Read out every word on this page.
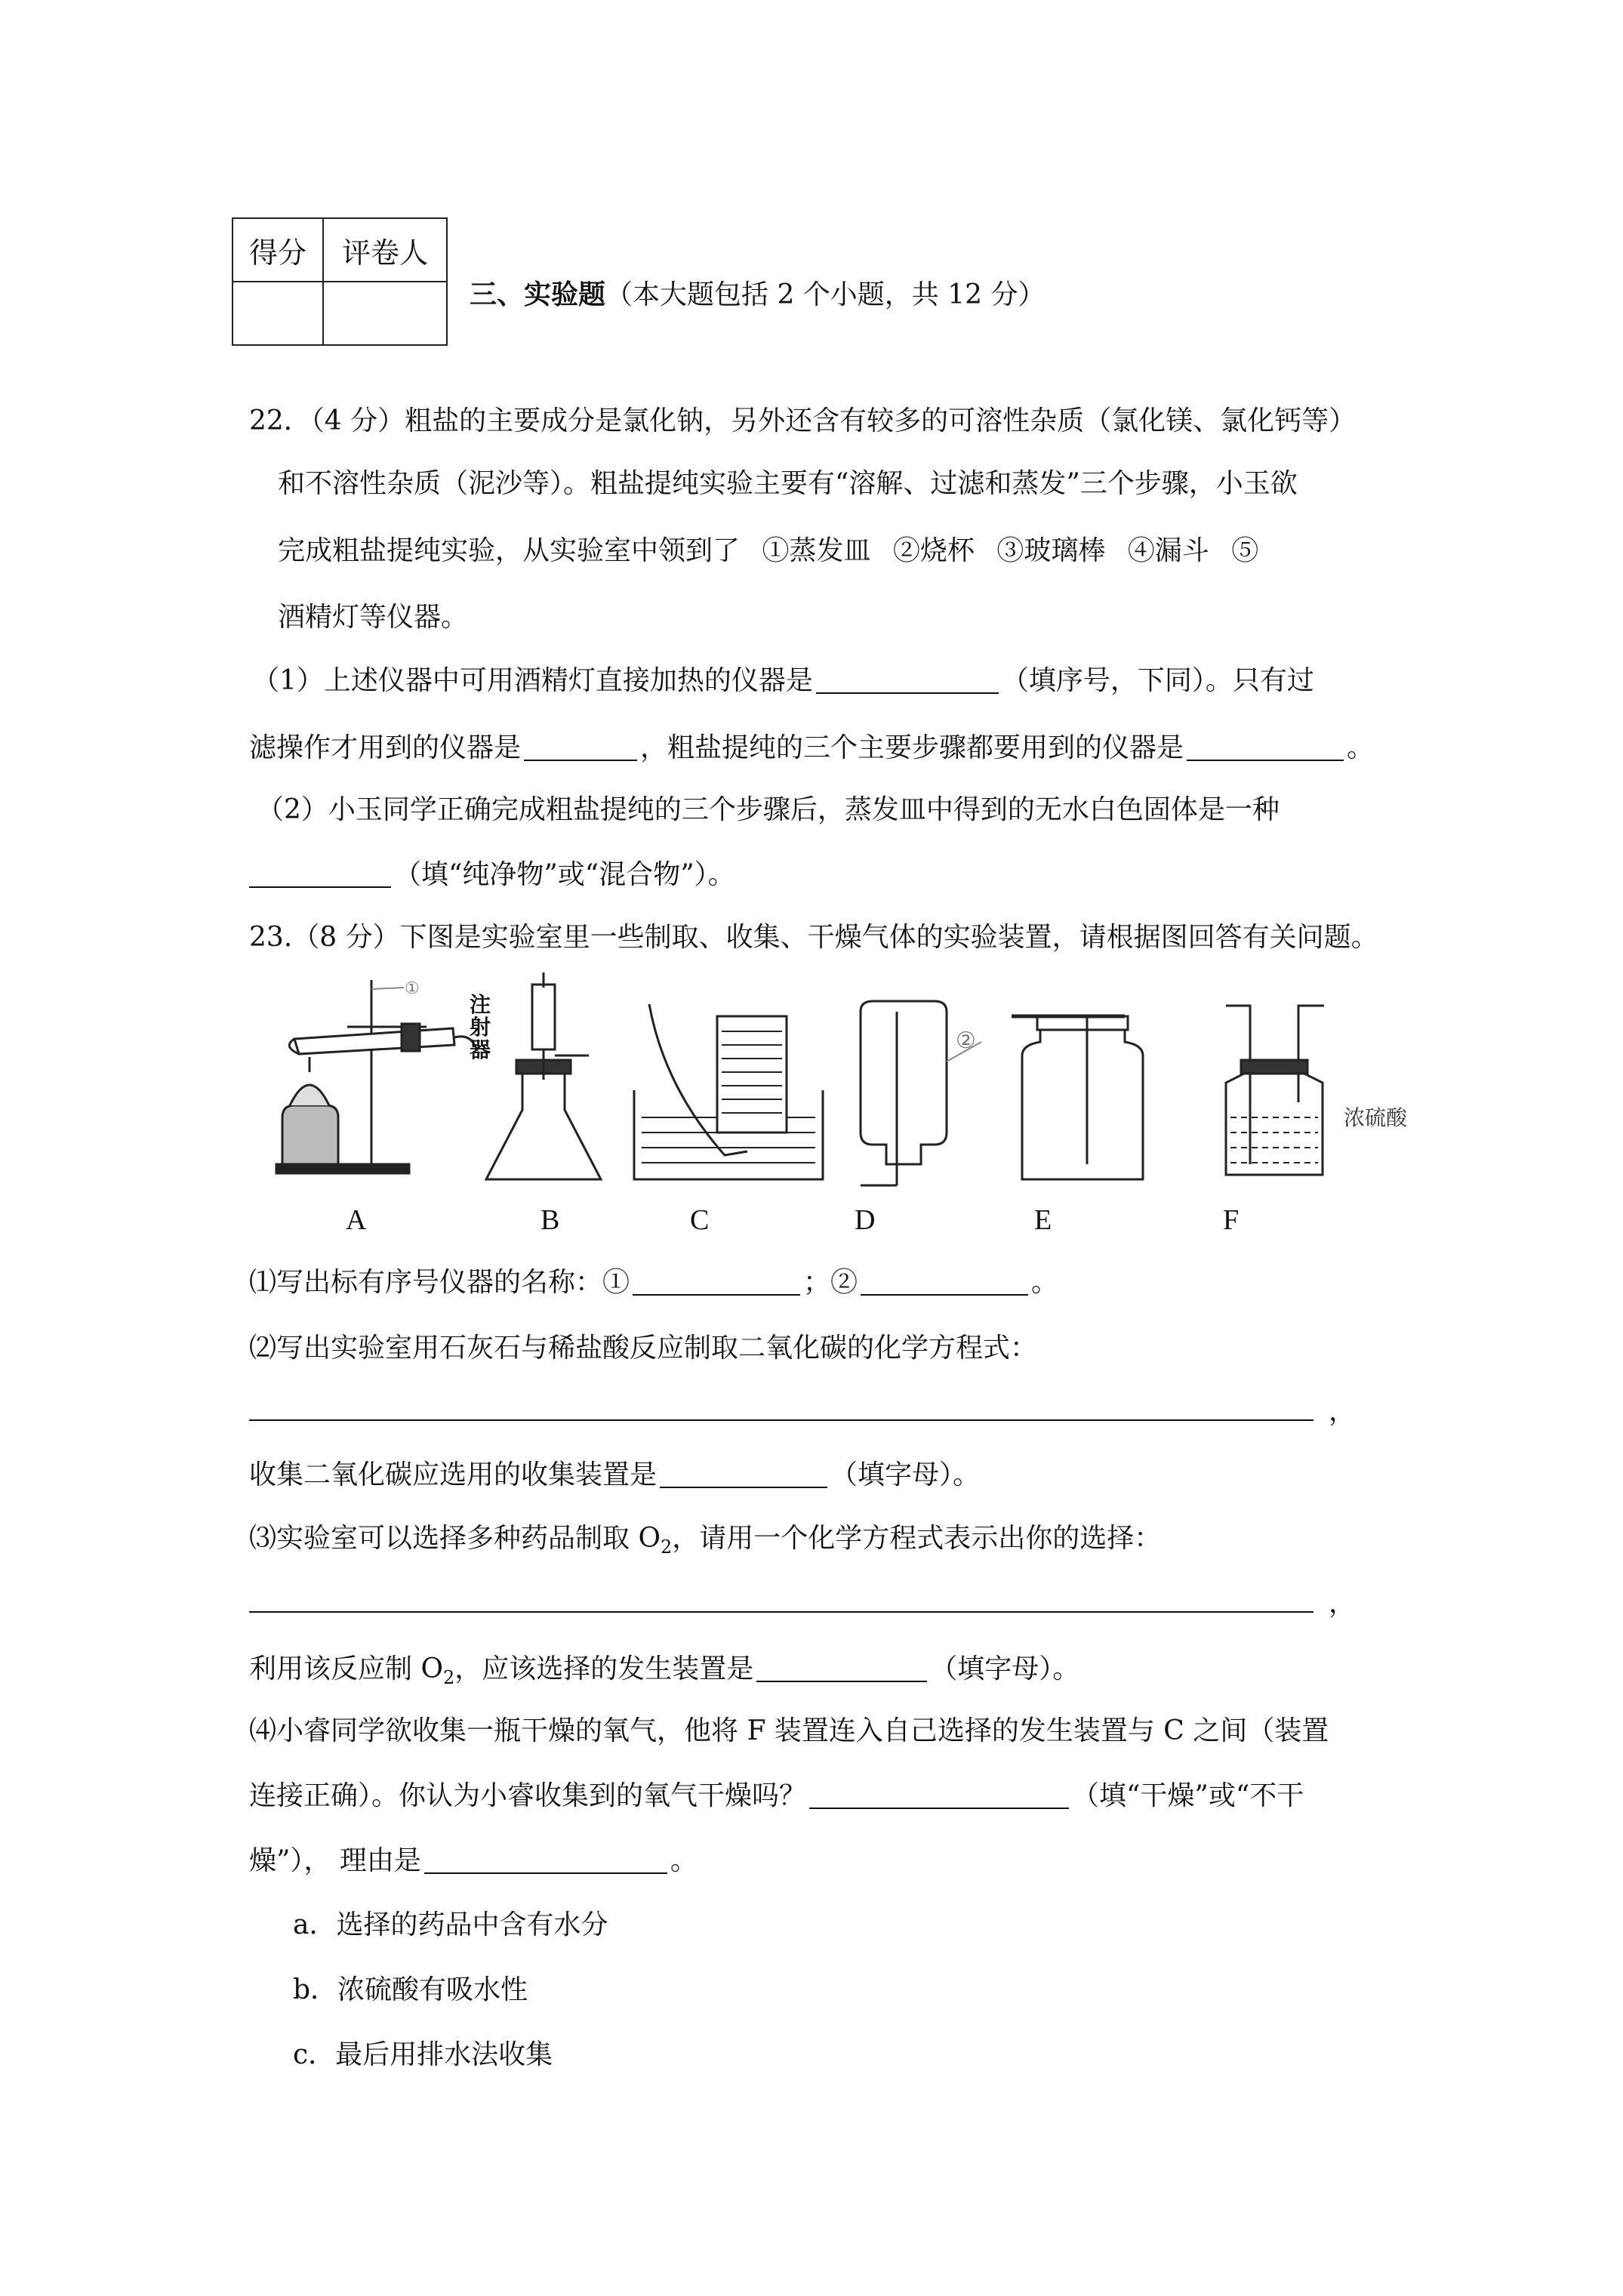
得分	评卷人

三、实验题（本大题包括 2 个小题，共 12 分）
22．（4 分）粗盐的主要成分是氯化钠，另外还含有较多的可溶性杂质（氯化镁、氯化钙等）
和不溶性杂质（泥沙等）。粗盐提纯实验主要有“溶解、过滤和蒸发”三个步骤，小玉欲
完成粗盐提纯实验，从实验室中领到了 ①蒸发皿 ②烧杯 ③玻璃棒 ④漏斗 ⑤
酒精灯等仪器。
（1）上述仪器中可用酒精灯直接加热的仪器是	（填序号，下同）。只有过
滤操作才用到的仪器是	，粗盐提纯的三个主要步骤都要用到的仪器是	。
（2）小玉同学正确完成粗盐提纯的三个步骤后，蒸发皿中得到的无水白色固体是一种
（填“纯净物”或“混合物”）。
23.（8 分）下图是实验室里一些制取、收集、干燥气体的实验装置，请根据图回答有关问题。
①
②
浓硫酸
注
射
器
A	B	C	D	E	F
⑴写出标有序号仪器的名称：①	；②	。
⑵写出实验室用石灰石与稀盐酸反应制取二氧化碳的化学方程式：
，
收集二氧化碳应选用的收集装置是	（填字母）。
⑶实验室可以选择多种药品制取 $O_2$，请用一个化学方程式表示出你的选择：
，
利用该反应制 $O_2$，应该选择的发生装置是	（填字母）。
⑷小睿同学欲收集一瓶干燥的氧气，他将 F 装置连入自己选择的发生装置与 C 之间（装置
连接正确）。你认为小睿收集到的氧气干燥吗？	（填“干燥”或“不干
燥”）， 理由是	。
a．选择的药品中含有水分
b．浓硫酸有吸水性
c．最后用排水法收集
